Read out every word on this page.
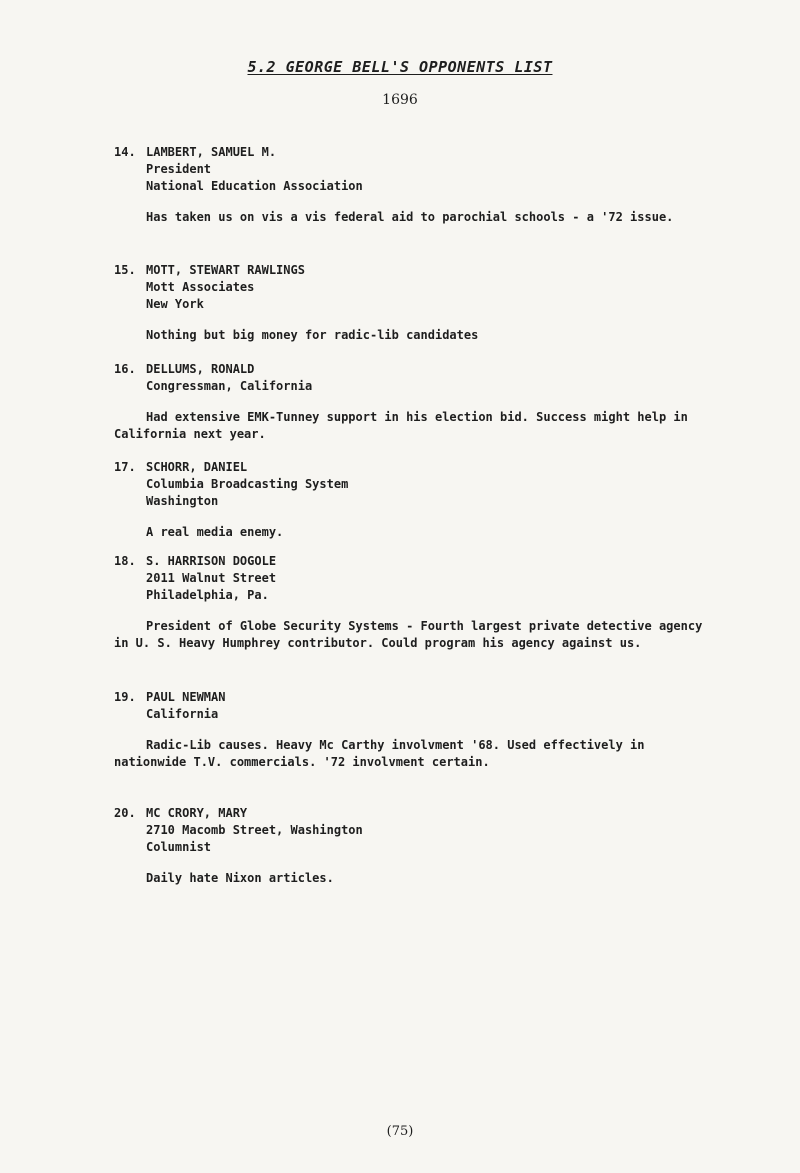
5.2 GEORGE BELL'S OPPONENTS LIST
1696
14. LAMBERT, SAMUEL M.
President
National Education Association
Has taken us on vis a vis federal aid to parochial schools - a '72 issue.
15. MOTT, STEWART RAWLINGS
Mott Associates
New York
Nothing but big money for radic-lib candidates
16. DELLUMS, RONALD
Congressman, California
Had extensive EMK-Tunney support in his election bid. Success might help in California next year.
17. SCHORR, DANIEL
Columbia Broadcasting System
Washington
A real media enemy.
18. S. HARRISON DOGOLE
2011 Walnut Street
Philadelphia, Pa.
President of Globe Security Systems - Fourth largest private detective agency in U. S. Heavy Humphrey contributor. Could program his agency against us.
19. PAUL NEWMAN
California
Radic-Lib causes. Heavy Mc Carthy involvment '68. Used effectively in nationwide T.V. commercials. '72 involvment certain.
20. MC CRORY, MARY
2710 Macomb Street, Washington
Columnist
Daily hate Nixon articles.
(75)
